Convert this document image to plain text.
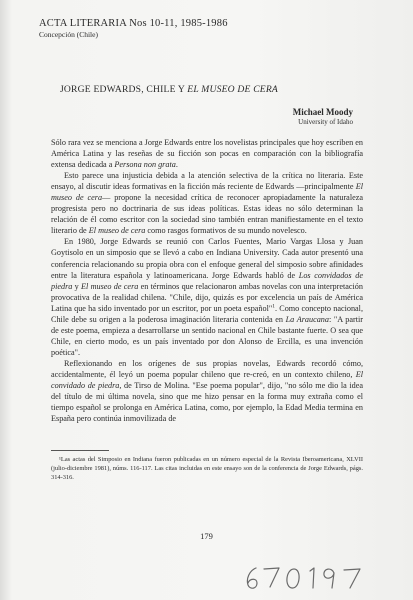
ACTA LITERARIA Nos 10-11, 1985-1986
Concepción (Chile)
JORGE EDWARDS, CHILE Y EL MUSEO DE CERA
Michael Moody
University of Idaho

Sólo rara vez se menciona a Jorge Edwards entre los novelistas principales que hoy escriben en América Latina y las reseñas de su ficción son pocas en comparación con la bibliografía extensa dedicada a Persona non grata.

Esto parece una injusticia debida a la atención selectiva de la crítica no literaria. Este ensayo, al discutir ideas formativas en la ficción más reciente de Edwards —principalmente El museo de cera— propone la necesidad crítica de reconocer apropiadamente la naturaleza progresista pero no doctrinaria de sus ideas políticas. Estas ideas no sólo determinan la relación de él como escritor con la sociedad sino también entran manifiestamente en el texto literario de El museo de cera como rasgos formativos de su mundo novelesco.

En 1980, Jorge Edwards se reunió con Carlos Fuentes, Mario Vargas Llosa y Juan Goytisolo en un simposio que se llevó a cabo en Indiana University. Cada autor presentó una conferencia relacionando su propia obra con el enfoque general del simposio sobre afinidades entre la literatura española y latinoamericana. Jorge Edwards habló de Los convidados de piedra y El museo de cera en términos que relacionaron ambas novelas con una interpretación provocativa de la realidad chilena. "Chile, dijo, quizás es por excelencia un país de América Latina que ha sido inventado por un escritor, por un poeta español"$^1$. Como concepto nacional, Chile debe su origen a la poderosa imaginación literaria contenida en La Araucana: "A partir de este poema, empieza a desarrollarse un sentido nacional en Chile bastante fuerte. O sea que Chile, en cierto modo, es un país inventado por don Alonso de Ercilla, es una invención poética".

Reflexionando en los orígenes de sus propias novelas, Edwards recordó cómo, accidentalmente, él leyó un poema popular chileno que re-creó, en un contexto chileno, El convidado de piedra, de Tirso de Molina. "Ese poema popular", dijo, "no sólo me dio la idea del título de mi última novela, sino que me hizo pensar en la forma muy extraña como el tiempo español se prolonga en América Latina, como, por ejemplo, la Edad Media termina en España pero continúa inmovilizada de

¹Las actas del Simposio en Indiana fueron publicadas en un número especial de la Revista Iberoamericana, XLVII (julio-diciembre 1981), núms. 116-117. Las citas incluidas en este ensayo son de la conferencia de Jorge Edwards, págs. 314-316.

179
